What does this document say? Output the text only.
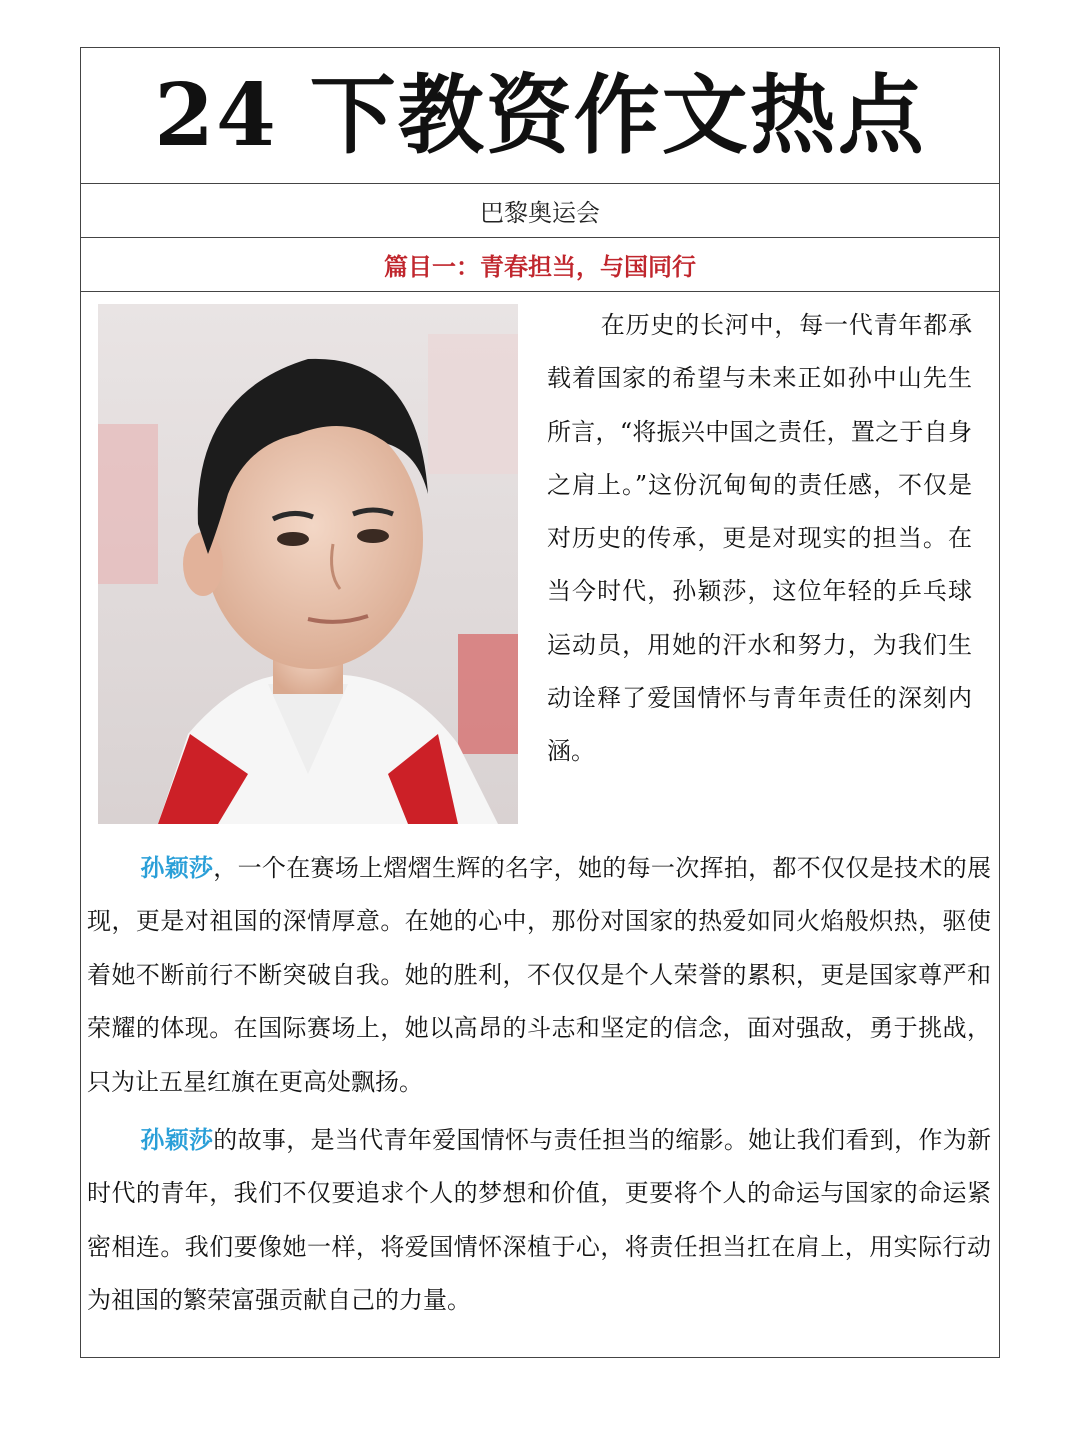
24 下教资作文热点
巴黎奥运会
篇目一：青春担当，与国同行
在历史的长河中，每一代青年都承载着国家的希望与未来正如孙中山先生所言，“将振兴中国之责任，置之于自身之肩上。”这份沉甸甸的责任感，不仅是对历史的传承，更是对现实的担当。在当今时代，孙颖莎，这位年轻的乒乓球运动员，用她的汗水和努力，为我们生动诠释了爱国情怀与青年责任的深刻内涵。
孙颖莎，一个在赛场上熠熠生辉的名字，她的每一次挥拍，都不仅仅是技术的展现，更是对祖国的深情厚意。在她的心中，那份对国家的热爱如同火焰般炽热，驱使着她不断前行不断突破自我。她的胜利，不仅仅是个人荣誉的累积，更是国家尊严和荣耀的体现。在国际赛场上，她以高昂的斗志和坚定的信念，面对强敌，勇于挑战，只为让五星红旗在更高处飘扬。
孙颖莎的故事，是当代青年爱国情怀与责任担当的缩影。她让我们看到，作为新时代的青年，我们不仅要追求个人的梦想和价值，更要将个人的命运与国家的命运紧密相连。我们要像她一样，将爱国情怀深植于心，将责任担当扛在肩上，用实际行动为祖国的繁荣富强贡献自己的力量。
